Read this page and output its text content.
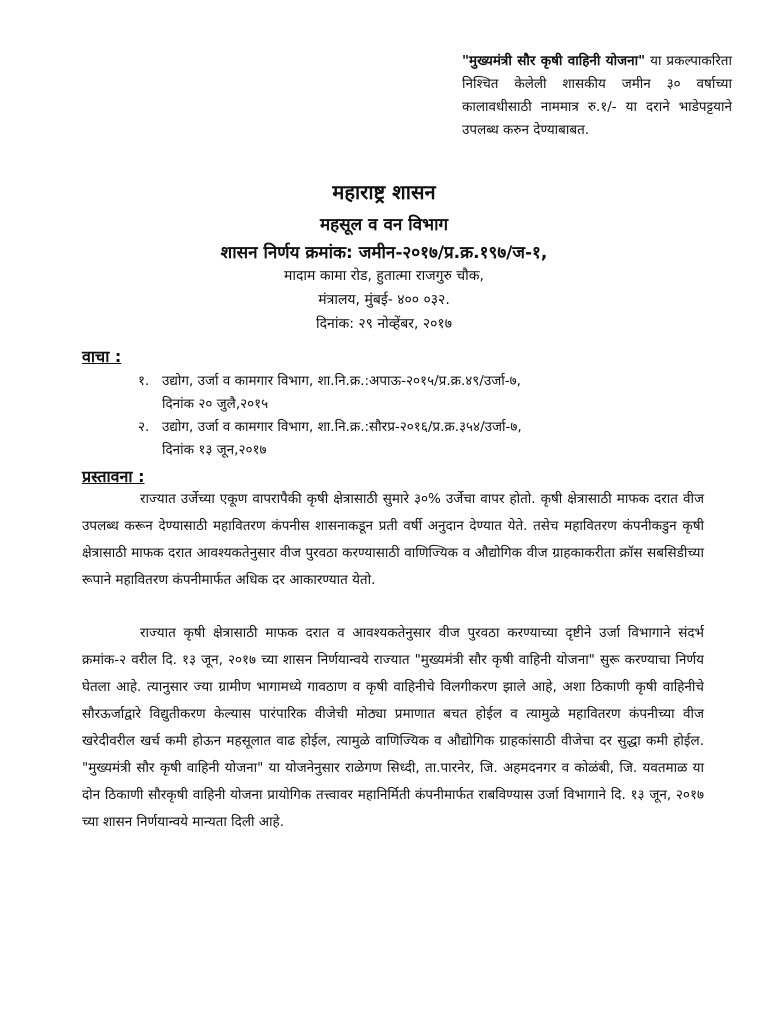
"मुख्यमंत्री सौर कृषी वाहिनी योजना" या प्रकल्पाकरिता निश्चित केलेली शासकीय जमीन ३० वर्षाच्या कालावधीसाठी नाममात्र रु.१/- या दराने भाडेपट्टयाने उपलब्ध करुन देण्याबाबत.
महाराष्ट्र शासन
महसूल व वन विभाग
शासन निर्णय क्रमांक: जमीन-२०१७/प्र.क्र.१९७/ज-१,
मादाम कामा रोड, हुतात्मा राजगुरु चौक,
मंत्रालय, मुंबई- ४०० ०३२.
दिनांक: २९ नोव्हेंबर, २०१७
वाचा :
१. उद्योग, उर्जा व कामगार विभाग, शा.नि.क्र.:अपाऊ-२०१५/प्र.क्र.४९/उर्जा-७,
दिनांक २० जुलै,२०१५
२. उद्योग, उर्जा व कामगार विभाग, शा.नि.क्र.:सौरप्र-२०१६/प्र.क्र.३५४/उर्जा-७,
दिनांक १३ जून,२०१७
प्रस्तावना :

राज्यात उर्जेच्या एकूण वापरापैकी कृषी क्षेत्रासाठी सुमारे ३०% उर्जेचा वापर होतो. कृषी क्षेत्रासाठी माफक दरात वीज उपलब्ध करून देण्यासाठी महावितरण कंपनीस शासनाकडून प्रती वर्षी अनुदान देण्यात येते. तसेच महावितरण कंपनीकडुन कृषी क्षेत्रासाठी माफक दरात आवश्यकतेनुसार वीज पुरवठा करण्यासाठी वाणिज्यिक व औद्योगिक वीज ग्राहकाकरीता क्रॉस सबसिडीच्या रूपाने महावितरण कंपनीमार्फत अधिक दर आकारण्यात येतो.

राज्यात कृषी क्षेत्रासाठी माफक दरात व आवश्यकतेनुसार वीज पुरवठा करण्याच्या दृष्टीने उर्जा विभागाने संदर्भ क्रमांक-२ वरील दि. १३ जून, २०१७ च्या शासन निर्णयान्वये राज्यात "मुख्यमंत्री सौर कृषी वाहिनी योजना" सुरू करण्याचा निर्णय घेतला आहे. त्यानुसार ज्या ग्रामीण भागामध्ये गावठाण व कृषी वाहिनीचे विलगीकरण झाले आहे, अशा ठिकाणी कृषी वाहिनीचे सौरऊर्जाद्वारे विद्युतीकरण केल्यास पारंपारिक वीजेची मोठ्या प्रमाणात बचत होईल व त्यामुळे महावितरण कंपनीच्या वीज खरेदीवरील खर्च कमी होऊन महसूलात वाढ होईल, त्यामुळे वाणिज्यिक व औद्योगिक ग्राहकांसाठी वीजेचा दर सुद्धा कमी होईल. "मुख्यमंत्री सौर कृषी वाहिनी योजना" या योजनेनुसार राळेगण सिध्दी, ता.पारनेर, जि. अहमदनगर व कोळंबी, जि. यवतमाळ या दोन ठिकाणी सौरकृषी वाहिनी योजना प्रायोगिक तत्त्वावर महानिर्मिती कंपनीमार्फत राबविण्यास उर्जा विभागाने दि. १३ जून, २०१७ च्या शासन निर्णयान्वये मान्यता दिली आहे.
